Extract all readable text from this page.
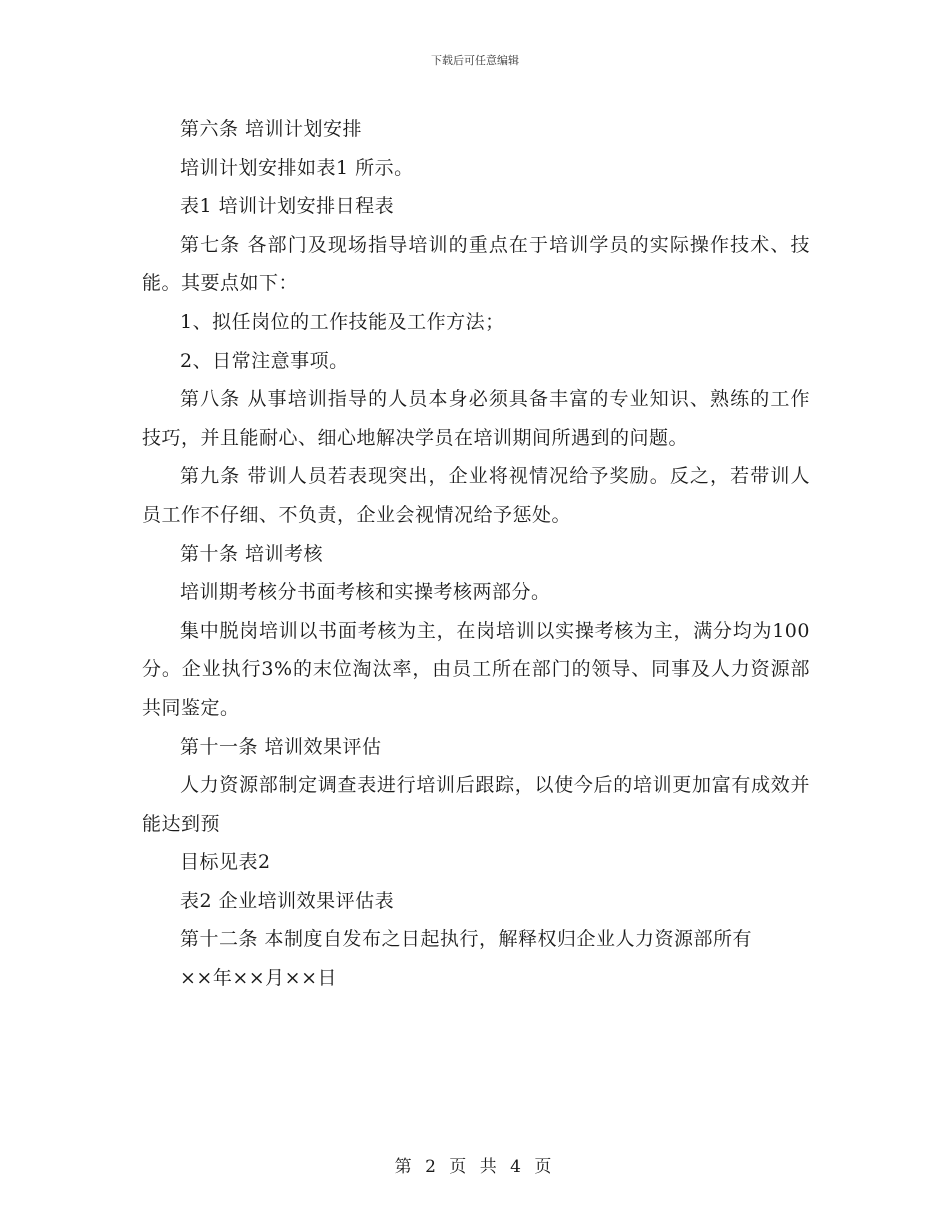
下载后可任意编辑

第六条 培训计划安排

培训计划安排如表1 所示。

表1 培训计划安排日程表

第七条 各部门及现场指导培训的重点在于培训学员的实际操作技术、技能。其要点如下：

1、拟任岗位的工作技能及工作方法；

2、日常注意事项。

第八条 从事培训指导的人员本身必须具备丰富的专业知识、熟练的工作技巧，并且能耐心、细心地解决学员在培训期间所遇到的问题。

第九条 带训人员若表现突出，企业将视情况给予奖励。反之，若带训人员工作不仔细、不负责，企业会视情况给予惩处。

第十条 培训考核

培训期考核分书面考核和实操考核两部分。

集中脱岗培训以书面考核为主，在岗培训以实操考核为主，满分均为100分。企业执行3%的末位淘汰率，由员工所在部门的领导、同事及人力资源部共同鉴定。

第十一条 培训效果评估

人力资源部制定调查表进行培训后跟踪，以使今后的培训更加富有成效并能达到预

目标见表2

表2 企业培训效果评估表

第十二条 本制度自发布之日起执行，解释权归企业人力资源部所有

××年××月××日

第 2 页 共 4 页
